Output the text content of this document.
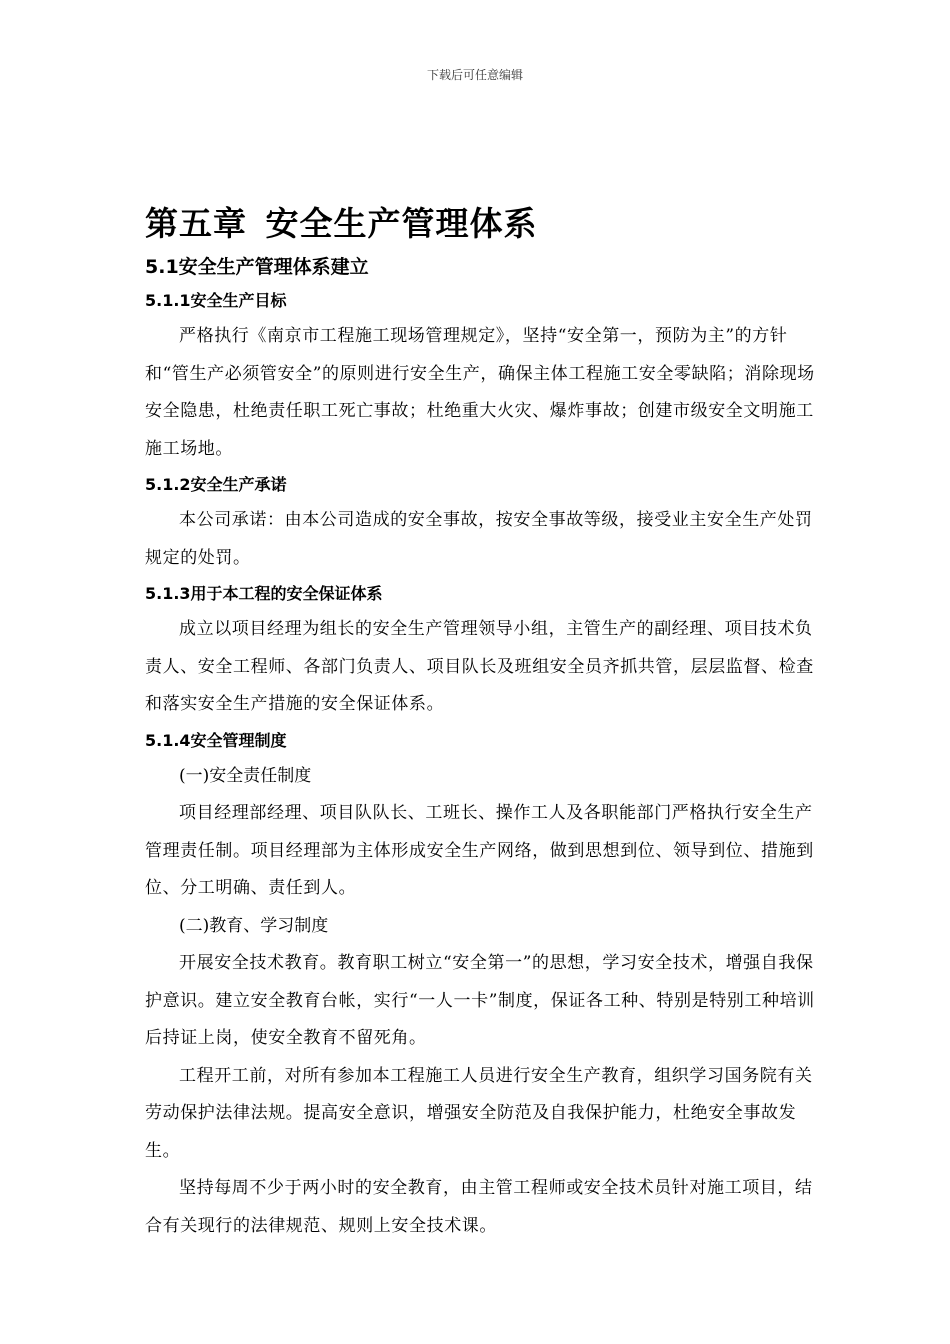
下载后可任意编辑
第五章 安全生产管理体系
5.1安全生产管理体系建立
5.1.1安全生产目标

严格执行《南京市工程施工现场管理规定》，坚持“安全第一，预防为主”的方针和“管生产必须管安全”的原则进行安全生产，确保主体工程施工安全零缺陷；消除现场安全隐患，杜绝责任职工死亡事故；杜绝重大火灾、爆炸事故；创建市级安全文明施工施工场地。

5.1.2安全生产承诺

本公司承诺：由本公司造成的安全事故，按安全事故等级，接受业主安全生产处罚规定的处罚。

5.1.3用于本工程的安全保证体系

成立以项目经理为组长的安全生产管理领导小组，主管生产的副经理、项目技术负责人、安全工程师、各部门负责人、项目队长及班组安全员齐抓共管，层层监督、检查和落实安全生产措施的安全保证体系。

5.1.4安全管理制度

(一)安全责任制度

项目经理部经理、项目队队长、工班长、操作工人及各职能部门严格执行安全生产管理责任制。项目经理部为主体形成安全生产网络，做到思想到位、领导到位、措施到位、分工明确、责任到人。

(二)教育、学习制度

开展安全技术教育。教育职工树立“安全第一”的思想，学习安全技术，增强自我保护意识。建立安全教育台帐，实行“一人一卡”制度，保证各工种、特别是特别工种培训后持证上岗，使安全教育不留死角。

工程开工前，对所有参加本工程施工人员进行安全生产教育，组织学习国务院有关劳动保护法律法规。提高安全意识，增强安全防范及自我保护能力，杜绝安全事故发生。

坚持每周不少于两小时的安全教育，由主管工程师或安全技术员针对施工项目，结合有关现行的法律规范、规则上安全技术课。
